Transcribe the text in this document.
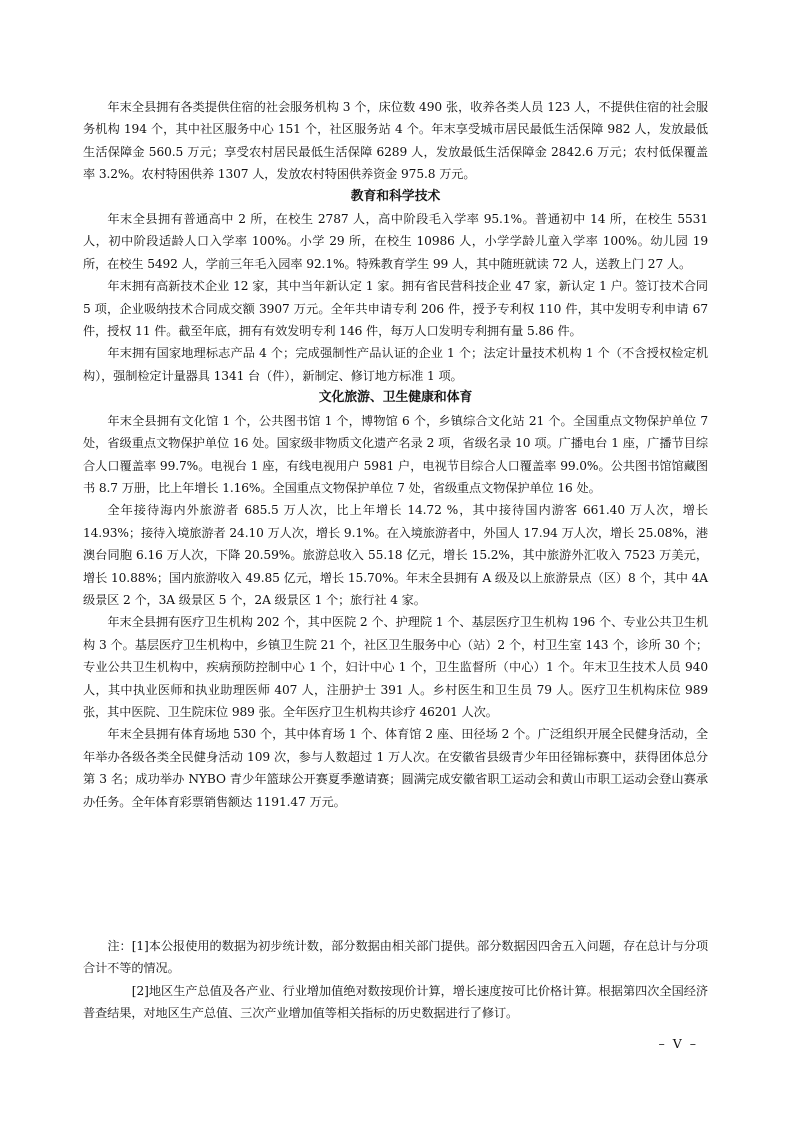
年末全县拥有各类提供住宿的社会服务机构 3 个，床位数 490 张，收养各类人员 123 人，不提供住宿的社会服务机构 194 个，其中社区服务中心 151 个，社区服务站 4 个。年末享受城市居民最低生活保障 982 人，发放最低生活保障金 560.5 万元；享受农村居民最低生活保障 6289 人，发放最低生活保障金 2842.6 万元；农村低保覆盖率 3.2%。农村特困供养 1307 人，发放农村特困供养资金 975.8 万元。

教育和科学技术

年末全县拥有普通高中 2 所，在校生 2787 人，高中阶段毛入学率 95.1%。普通初中 14 所，在校生 5531 人，初中阶段适龄人口入学率 100%。小学 29 所，在校生 10986 人，小学学龄儿童入学率 100%。幼儿园 19 所，在校生 5492 人，学前三年毛入园率 92.1%。特殊教育学生 99 人，其中随班就读 72 人，送教上门 27 人。

年末拥有高新技术企业 12 家，其中当年新认定 1 家。拥有省民营科技企业 47 家，新认定 1 户。签订技术合同 5 项，企业吸纳技术合同成交额 3907 万元。全年共申请专利 206 件，授予专利权 110 件，其中发明专利申请 67 件，授权 11 件。截至年底，拥有有效发明专利 146 件，每万人口发明专利拥有量 5.86 件。

年末拥有国家地理标志产品 4 个；完成强制性产品认证的企业 1 个；法定计量技术机构 1 个（不含授权检定机构），强制检定计量器具 1341 台（件），新制定、修订地方标准 1 项。

文化旅游、卫生健康和体育

年末全县拥有文化馆 1 个，公共图书馆 1 个，博物馆 6 个，乡镇综合文化站 21 个。全国重点文物保护单位 7 处，省级重点文物保护单位 16 处。国家级非物质文化遗产名录 2 项，省级名录 10 项。广播电台 1 座，广播节目综合人口覆盖率 99.7%。电视台 1 座，有线电视用户 5981 户，电视节目综合人口覆盖率 99.0%。公共图书馆馆藏图书 8.7 万册，比上年增长 1.16%。全国重点文物保护单位 7 处，省级重点文物保护单位 16 处。

全年接待海内外旅游者 685.5 万人次，比上年增长 14.72 %，其中接待国内游客 661.40 万人次，增长 14.93%；接待入境旅游者 24.10 万人次，增长 9.1%。在入境旅游者中，外国人 17.94 万人次，增长 25.08%，港澳台同胞 6.16 万人次，下降 20.59%。旅游总收入 55.18 亿元，增长 15.2%，其中旅游外汇收入 7523 万美元，增长 10.88%；国内旅游收入 49.85 亿元，增长 15.70%。年末全县拥有 A 级及以上旅游景点（区）8 个，其中 4A 级景区 2 个，3A 级景区 5 个，2A 级景区 1 个；旅行社 4 家。

年末全县拥有医疗卫生机构 202 个，其中医院 2 个、护理院 1 个、基层医疗卫生机构 196 个、专业公共卫生机构 3 个。基层医疗卫生机构中，乡镇卫生院 21 个，社区卫生服务中心（站）2 个，村卫生室 143 个，诊所 30 个；专业公共卫生机构中，疾病预防控制中心 1 个，妇计中心 1 个，卫生监督所（中心）1 个。年末卫生技术人员 940 人，其中执业医师和执业助理医师 407 人，注册护士 391 人。乡村医生和卫生员 79 人。医疗卫生机构床位 989 张，其中医院、卫生院床位 989 张。全年医疗卫生机构共诊疗 46201 人次。

年末全县拥有体育场地 530 个，其中体育场 1 个、体育馆 2 座、田径场 2 个。广泛组织开展全民健身活动，全年举办各级各类全民健身活动 109 次，参与人数超过 1 万人次。在安徽省县级青少年田径锦标赛中，获得团体总分第 3 名；成功举办 NYBO 青少年篮球公开赛夏季邀请赛；圆满完成安徽省职工运动会和黄山市职工运动会登山赛承办任务。全年体育彩票销售额达 1191.47 万元。

注：[1]本公报使用的数据为初步统计数，部分数据由相关部门提供。部分数据因四舍五入问题，存在总计与分项合计不等的情况。

[2]地区生产总值及各产业、行业增加值绝对数按现价计算，增长速度按可比价格计算。根据第四次全国经济普查结果，对地区生产总值、三次产业增加值等相关指标的历史数据进行了修订。

– V –
